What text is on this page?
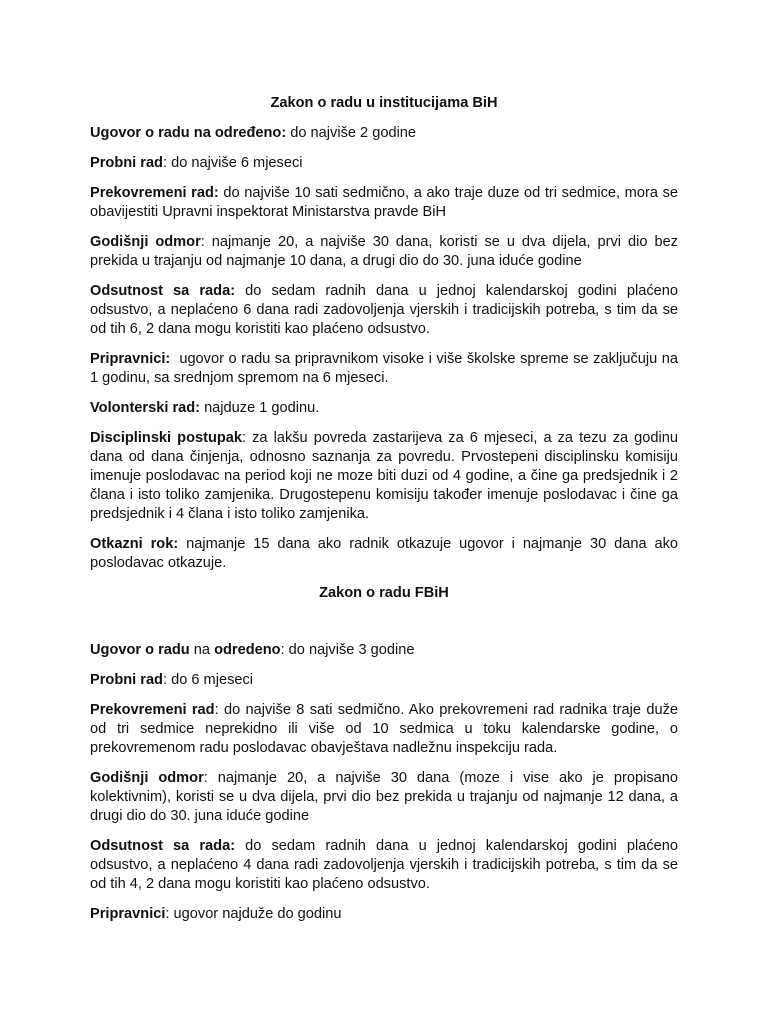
Zakon o radu u institucijama BiH

Ugovor o radu na određeno: do najviše 2 godine

Probni rad: do najviše 6 mjeseci

Prekovremeni rad: do najviše 10 sati sedmično, a ako traje duze od tri sedmice, mora se obavijestiti Upravni inspektorat Ministarstva pravde BiH

Godišnji odmor: najmanje 20, a najviše 30 dana, koristi se u dva dijela, prvi dio bez prekida u trajanju od najmanje 10 dana, a drugi dio do 30. juna iduće godine

Odsutnost sa rada: do sedam radnih dana u jednoj kalendarskoj godini plaćeno odsustvo, a neplaćeno 6 dana radi zadovoljenja vjerskih i tradicijskih potreba, s tim da se od tih 6, 2 dana mogu koristiti kao plaćeno odsustvo.

Pripravnici:  ugovor o radu sa pripravnikom visoke i više školske spreme se zaključuju na 1 godinu, sa srednjom spremom na 6 mjeseci.

Volonterski rad: najduze 1 godinu.

Disciplinski postupak: za lakšu povreda zastarijeva za 6 mjeseci, a za tezu za godinu dana od dana činjenja, odnosno saznanja za povredu. Prvostepeni disciplinsku komisiju imenuje poslodavac na period koji ne moze biti duzi od 4 godine, a čine ga predsjednik i 2 člana i isto toliko zamjenika. Drugostepenu komisiju također imenuje poslodavac i čine ga predsjednik i 4 člana i isto toliko zamjenika.

Otkazni rok: najmanje 15 dana ako radnik otkazuje ugovor i najmanje 30 dana ako poslodavac otkazuje.

Zakon o radu FBiH

Ugovor o radu na odredeno: do najviše 3 godine

Probni rad: do 6 mjeseci

Prekovremeni rad: do najviše 8 sati sedmično. Ako prekovremeni rad radnika traje duže od tri sedmice neprekidno ili više od 10 sedmica u toku kalendarske godine, o prekovremenom radu poslodavac obavještava nadležnu inspekciju rada.

Godišnji odmor: najmanje 20, a najviše 30 dana (moze i vise ako je propisano kolektivnim), koristi se u dva dijela, prvi dio bez prekida u trajanju od najmanje 12 dana, a drugi dio do 30. juna iduće godine

Odsutnost sa rada: do sedam radnih dana u jednoj kalendarskoj godini plaćeno odsustvo, a neplaćeno 4 dana radi zadovoljenja vjerskih i tradicijskih potreba, s tim da se od tih 4, 2 dana mogu koristiti kao plaćeno odsustvo.

Pripravnici: ugovor najduže do godinu
